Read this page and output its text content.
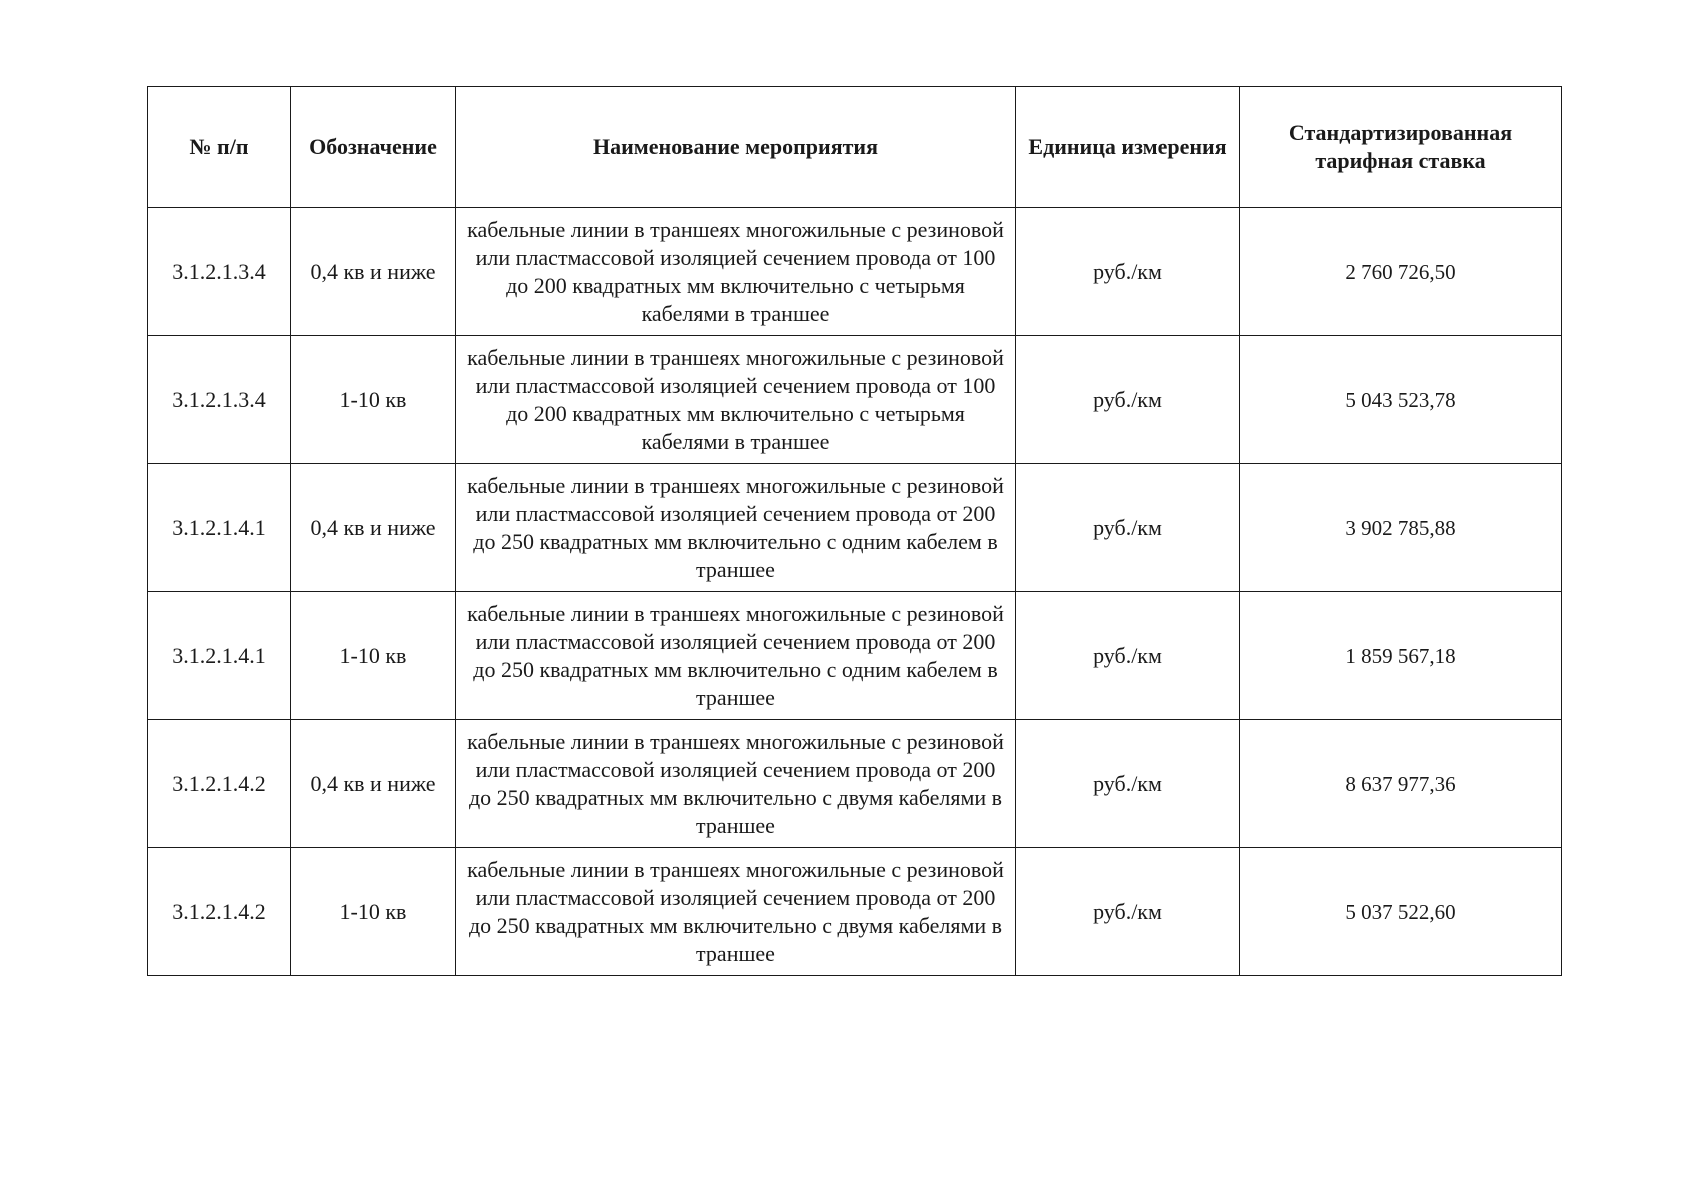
№ п/п	Обозначение	Наименование мероприятия	Единица измерения	Стандартизированная тарифная ставка
3.1.2.1.3.4	0,4 кв и ниже	кабельные линии в траншеях многожильные с резиновой или пластмассовой изоляцией сечением провода от 100 до 200 квадратных мм включительно с четырьмя кабелями в траншее	руб./км	2 760 726,50
3.1.2.1.3.4	1-10 кв	кабельные линии в траншеях многожильные с резиновой или пластмассовой изоляцией сечением провода от 100 до 200 квадратных мм включительно с четырьмя кабелями в траншее	руб./км	5 043 523,78
3.1.2.1.4.1	0,4 кв и ниже	кабельные линии в траншеях многожильные с резиновой или пластмассовой изоляцией сечением провода от 200 до 250 квадратных мм включительно с одним кабелем в траншее	руб./км	3 902 785,88
3.1.2.1.4.1	1-10 кв	кабельные линии в траншеях многожильные с резиновой или пластмассовой изоляцией сечением провода от 200 до 250 квадратных мм включительно с одним кабелем в траншее	руб./км	1 859 567,18
3.1.2.1.4.2	0,4 кв и ниже	кабельные линии в траншеях многожильные с резиновой или пластмассовой изоляцией сечением провода от 200 до 250 квадратных мм включительно с двумя кабелями в траншее	руб./км	8 637 977,36
3.1.2.1.4.2	1-10 кв	кабельные линии в траншеях многожильные с резиновой или пластмассовой изоляцией сечением провода от 200 до 250 квадратных мм включительно с двумя кабелями в траншее	руб./км	5 037 522,60
